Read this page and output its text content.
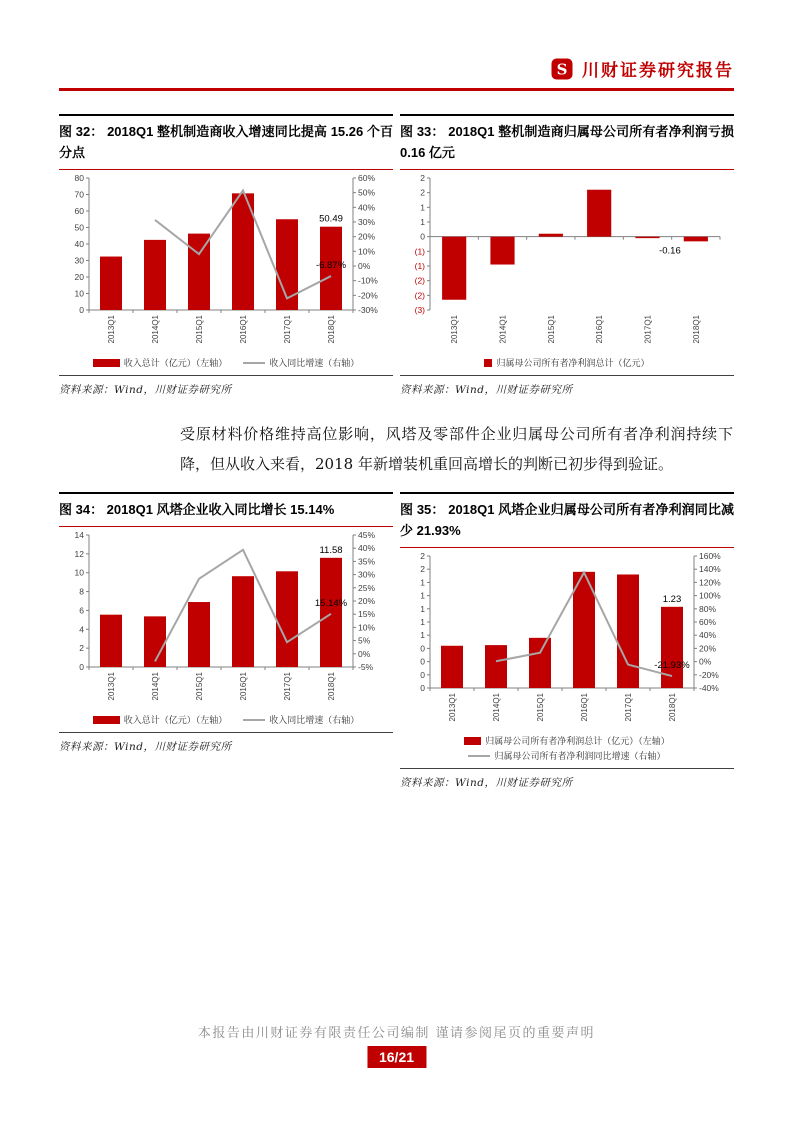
S 川财证券研究报告
图 32： 2018Q1 整机制造商收入增速同比提高 15.26 个百分点
80
70
60
50
40
30
20
10
0
60%
50%
40%
30%
20%
10%
0%
-10%
-20%
-30%
2013Q1	2014Q1	2015Q1	2016Q1	2017Q1	2018Q1
50.49
-6.87%
收入总计（亿元）（左轴）	收入同比增速（右轴）
资料来源：Wind，川财证券研究所
图 33： 2018Q1 整机制造商归属母公司所有者净利润亏损 0.16 亿元
2
2
1
1
0
(1)
(1)
(2)
(2)
(3)
2013Q1	2014Q1	2015Q1	2016Q1	2017Q1	2018Q1
-0.16
归属母公司所有者净利润总计（亿元）
资料来源：Wind，川财证券研究所

受原材料价格维持高位影响，风塔及零部件企业归属母公司所有者净利润持续下降，但从收入来看，2018 年新增装机重回高增长的判断已初步得到验证。

图 34： 2018Q1 风塔企业收入同比增长 15.14%
14
12
10
8
6
4
2
0
45%
40%
35%
30%
25%
20%
15%
10%
5%
0%
-5%
2013Q1	2014Q1	2015Q1	2016Q1	2017Q1	2018Q1
11.58
15.14%
收入总计（亿元）（左轴）	收入同比增速（右轴）
资料来源：Wind，川财证券研究所
图 35： 2018Q1 风塔企业归属母公司所有者净利润同比减少 21.93%
2
2
1
1
1
1
1
0
0
0
0
160%
140%
120%
100%
80%
60%
40%
20%
0%
-20%
-40%
2013Q1	2014Q1	2015Q1	2016Q1	2017Q1	2018Q1
1.23
-21.93%
归属母公司所有者净利润总计（亿元）（左轴）
归属母公司所有者净利润同比增速（右轴）
资料来源：Wind，川财证券研究所
本报告由川财证券有限责任公司编制 谨请参阅尾页的重要声明
16/21
